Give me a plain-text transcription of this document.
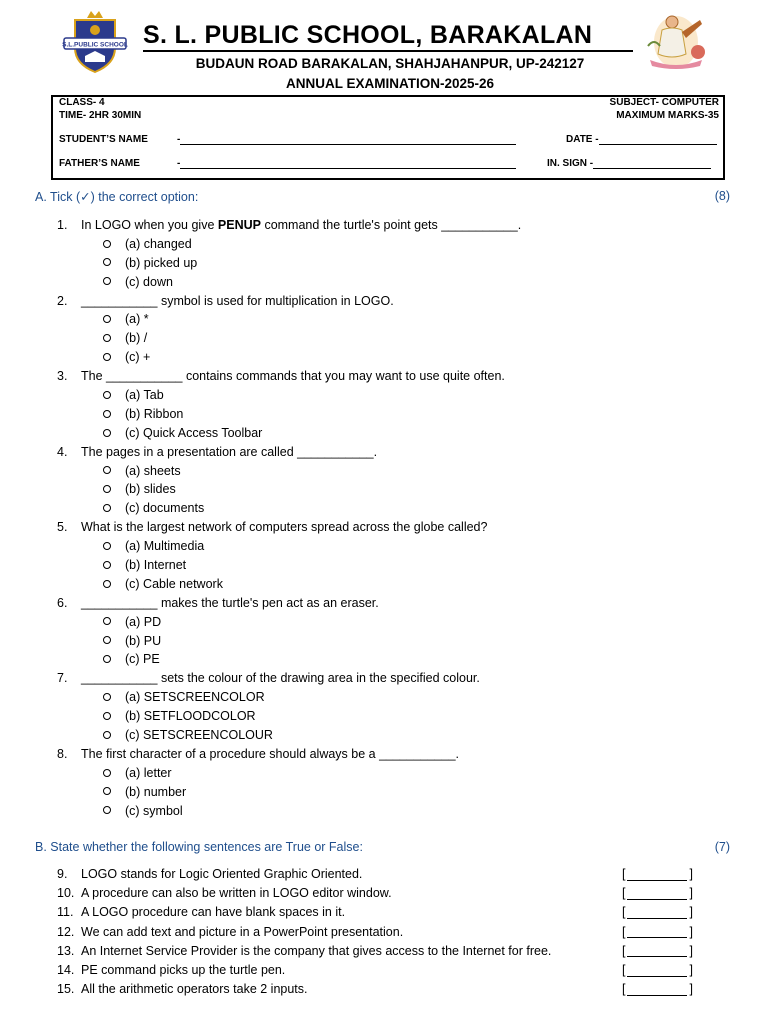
S.L.PUBLIC SCHOOL S. L. PUBLIC SCHOOL, BARAKALAN
BUDAUN ROAD BARAKALAN, SHAHJAHANPUR, UP-242127
ANNUAL EXAMINATION-2025-26
CLASS- 4
TIME- 2HR 30MIN
SUBJECT- COMPUTER
MAXIMUM MARKS-35
STUDENT’S NAME	-	DATE -
FATHER’S NAME	-	IN. SIGN -
A. Tick (✓) the correct option:	(8)
1. In LOGO when you give PENUP command the turtle's point gets ___________.
(a) changed
(b) picked up
(c) down
2. ___________ symbol is used for multiplication in LOGO.
(a) *
(b) /
(c) +
3. The ___________ contains commands that you may want to use quite often.
(a) Tab
(b) Ribbon
(c) Quick Access Toolbar
4. The pages in a presentation are called ___________.
(a) sheets
(b) slides
(c) documents
5. What is the largest network of computers spread across the globe called?
(a) Multimedia
(b) Internet
(c) Cable network
6. ___________ makes the turtle's pen act as an eraser.
(a) PD
(b) PU
(c) PE
7. ___________ sets the colour of the drawing area in the specified colour.
(a) SETSCREENCOLOR
(b) SETFLOODCOLOR
(c) SETSCREENCOLOUR
8. The first character of a procedure should always be a ___________.
(a) letter
(b) number
(c) symbol
B. State whether the following sentences are True or False:	(7)
9. LOGO stands for Logic Oriented Graphic Oriented.	[	]
10. A procedure can also be written in LOGO editor window.	[	]
11. A LOGO procedure can have blank spaces in it.	[	]
12. We can add text and picture in a PowerPoint presentation.	[	]
13. An Internet Service Provider is the company that gives access to the Internet for free.	[	]
14. PE command picks up the turtle pen.	[	]
15. All the arithmetic operators take 2 inputs.	[	]
